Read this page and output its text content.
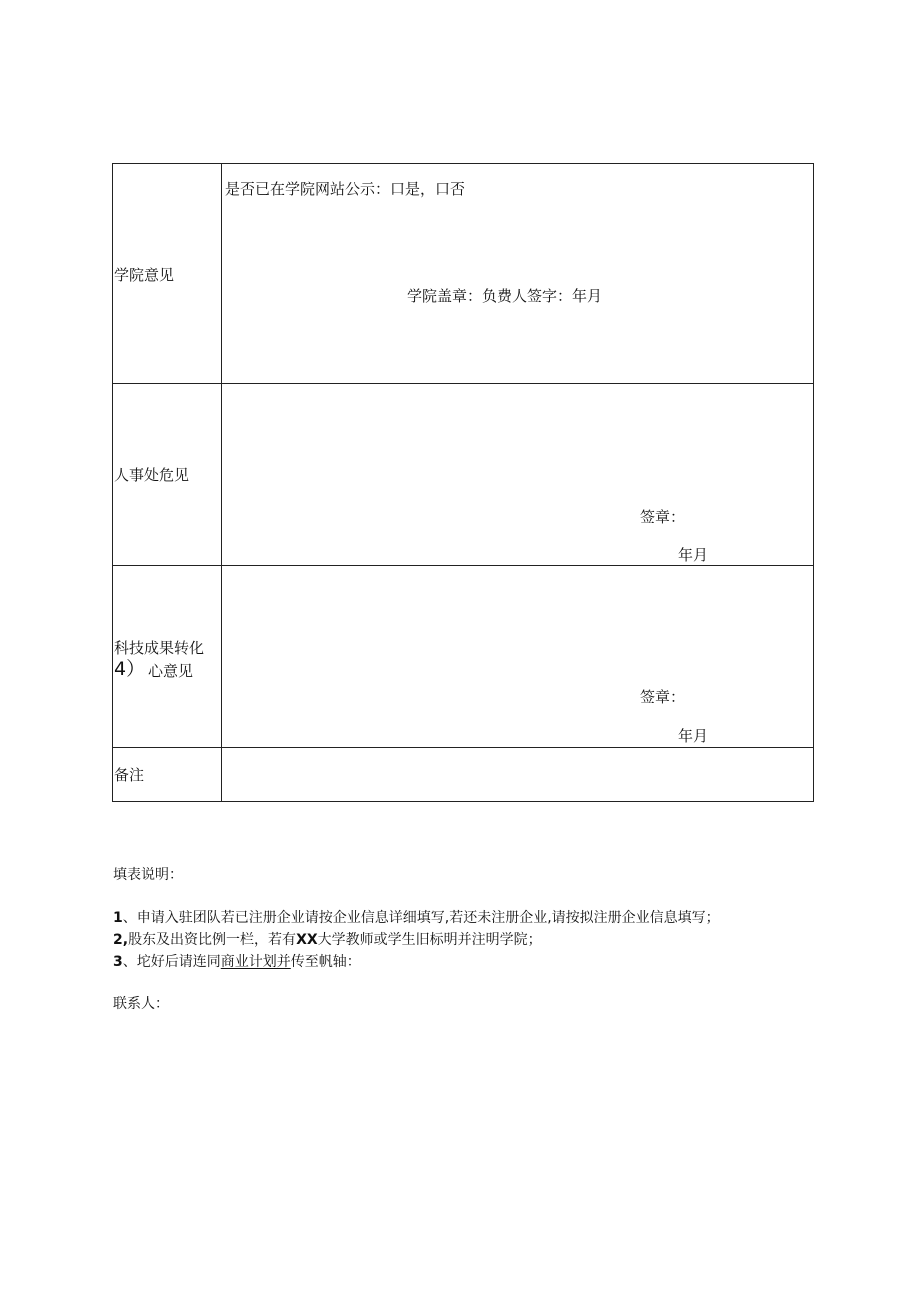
学院意见
是否已在学院网站公示：口是，口否
学院盖章：负费人签字：年月
人事处危见
签章：
年月
科技成果转化
4） 心意见
签章：
年月
备注
填表说明：
1、申请入驻团队若已注册企业请按企业信息详细填写,若还未注册企业,请按拟注册企业信息填写；
2,股东及出资比例一栏，若有XX大学教师或学生旧标明并注明学院；
3、坨好后请连同商业计划并传至帆轴：
联系人：
